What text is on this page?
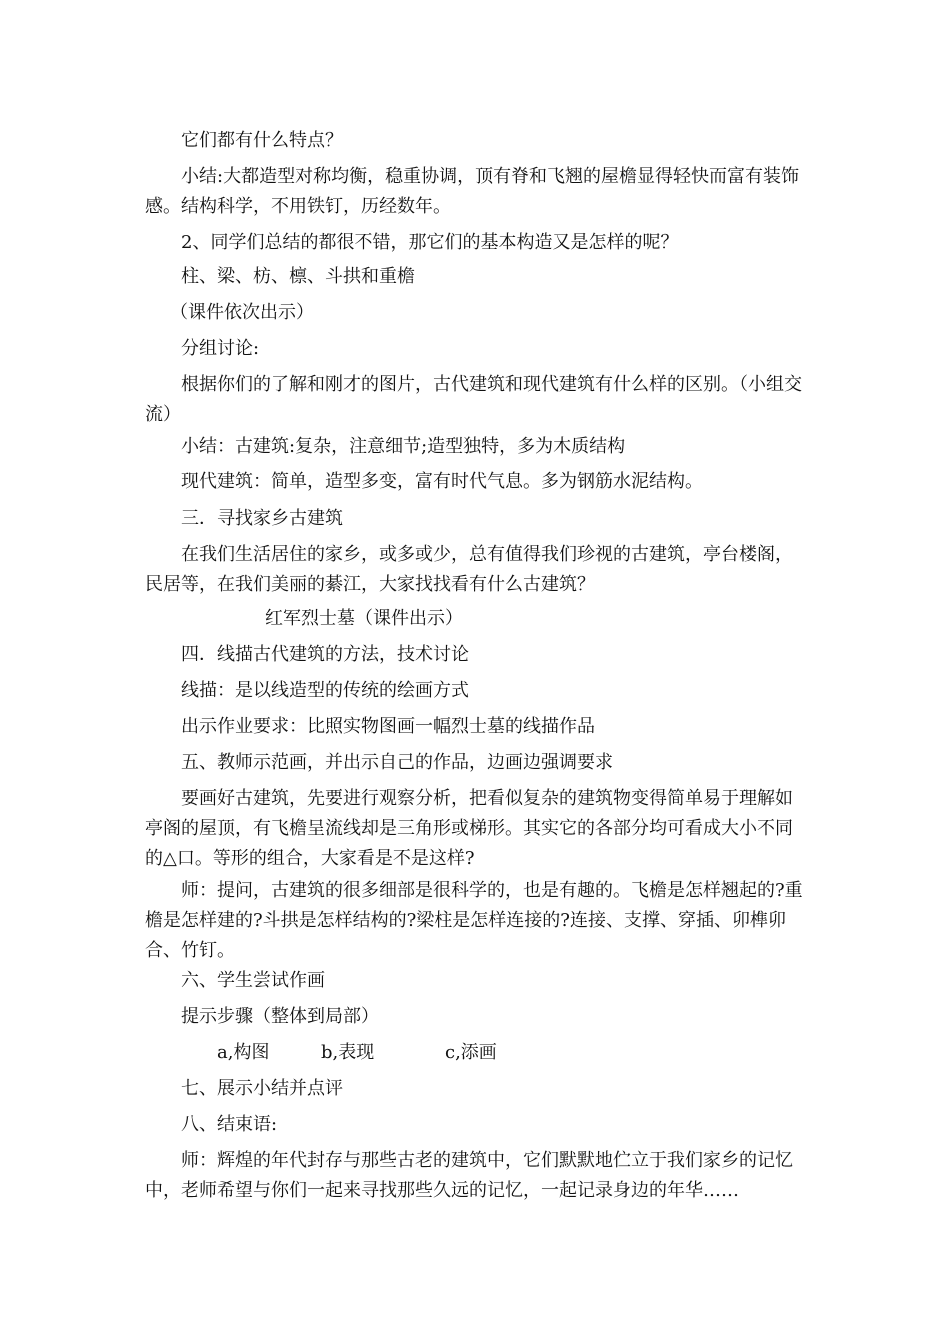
它们都有什么特点？

小结:大都造型对称均衡，稳重协调，顶有脊和飞翘的屋檐显得轻快而富有装饰感。结构科学，不用铁钉，历经数年。

2、同学们总结的都很不错，那它们的基本构造又是怎样的呢？

柱、梁、枋、檩、斗拱和重檐

（课件依次出示）

分组讨论:

根据你们的了解和刚才的图片，古代建筑和现代建筑有什么样的区别。（小组交流）

小结：古建筑:复杂，注意细节;造型独特，多为木质结构

现代建筑：简单，造型多变，富有时代气息。多为钢筋水泥结构。

三．寻找家乡古建筑

在我们生活居住的家乡，或多或少，总有值得我们珍视的古建筑，亭台楼阁，民居等，在我们美丽的綦江，大家找找看有什么古建筑？

红军烈士墓（课件出示）

四．线描古代建筑的方法，技术讨论

线描：是以线造型的传统的绘画方式

出示作业要求：比照实物图画一幅烈士墓的线描作品

五、教师示范画，并出示自己的作品，边画边强调要求

要画好古建筑，先要进行观察分析，把看似复杂的建筑物变得简单易于理解如亭阁的屋顶，有飞檐呈流线却是三角形或梯形。其实它的各部分均可看成大小不同的△口。等形的组合，大家看是不是这样?

师：提问，古建筑的很多细部是很科学的，也是有趣的。飞檐是怎样翘起的?重檐是怎样建的?斗拱是怎样结构的?梁柱是怎样连接的?连接、支撑、穿插、卯榫卯合、竹钉。

六、学生尝试作画

提示步骤（整体到局部）

a,构图	b,表现	c,添画

七、展示小结并点评

八、结束语:

师：辉煌的年代封存与那些古老的建筑中，它们默默地伫立于我们家乡的记忆中，老师希望与你们一起来寻找那些久远的记忆，一起记录身边的年华……
